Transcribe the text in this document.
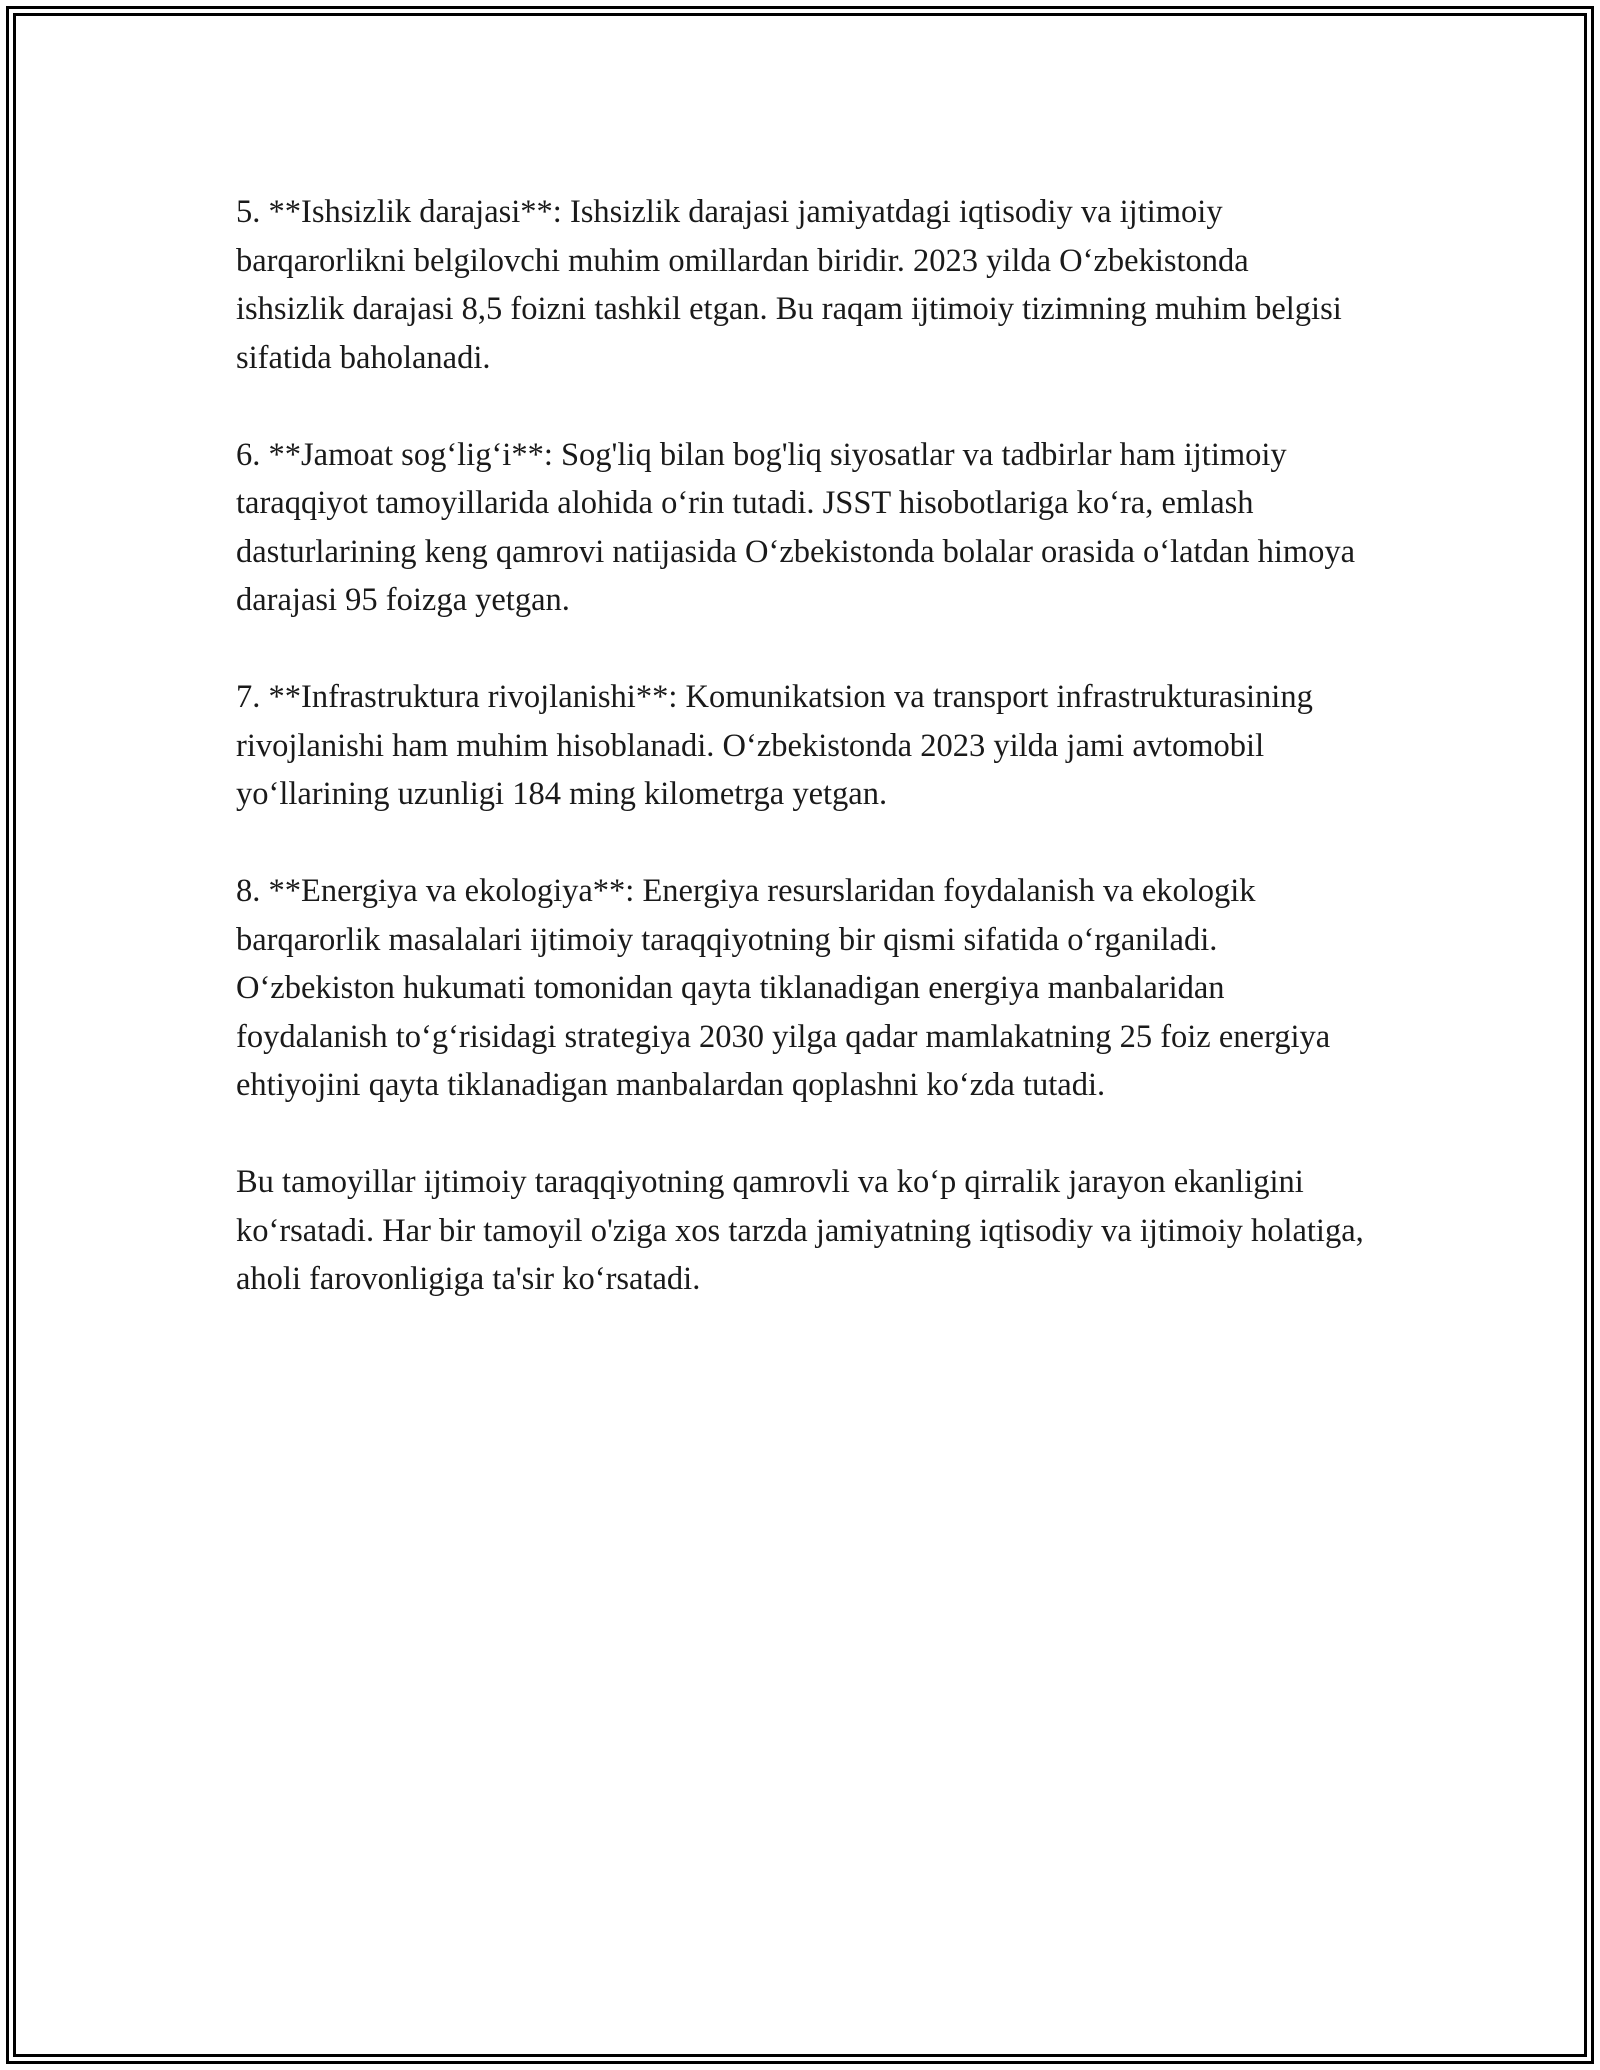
5. **Ishsizlik darajasi**: Ishsizlik darajasi jamiyatdagi iqtisodiy va ijtimoiy barqarorlikni belgilovchi muhim omillardan biridir. 2023 yilda O‘zbekistonda ishsizlik darajasi 8,5 foizni tashkil etgan. Bu raqam ijtimoiy tizimning muhim belgisi sifatida baholanadi.

6. **Jamoat sog‘lig‘i**: Sog'liq bilan bog'liq siyosatlar va tadbirlar ham ijtimoiy taraqqiyot tamoyillarida alohida o‘rin tutadi. JSST hisobotlariga ko‘ra, emlash dasturlarining keng qamrovi natijasida O‘zbekistonda bolalar orasida o‘latdan himoya darajasi 95 foizga yetgan.

7. **Infrastruktura rivojlanishi**: Komunikatsion va transport infrastrukturasining rivojlanishi ham muhim hisoblanadi. O‘zbekistonda 2023 yilda jami avtomobil yo‘llarining uzunligi 184 ming kilometrga yetgan.

8. **Energiya va ekologiya**: Energiya resurslaridan foydalanish va ekologik barqarorlik masalalari ijtimoiy taraqqiyotning bir qismi sifatida o‘rganiladi. O‘zbekiston hukumati tomonidan qayta tiklanadigan energiya manbalaridan foydalanish to‘g‘risidagi strategiya 2030 yilga qadar mamlakatning 25 foiz energiya ehtiyojini qayta tiklanadigan manbalardan qoplashni ko‘zda tutadi.

Bu tamoyillar ijtimoiy taraqqiyotning qamrovli va ko‘p qirralik jarayon ekanligini ko‘rsatadi. Har bir tamoyil o'ziga xos tarzda jamiyatning iqtisodiy va ijtimoiy holatiga, aholi farovonligiga ta'sir ko‘rsatadi.
